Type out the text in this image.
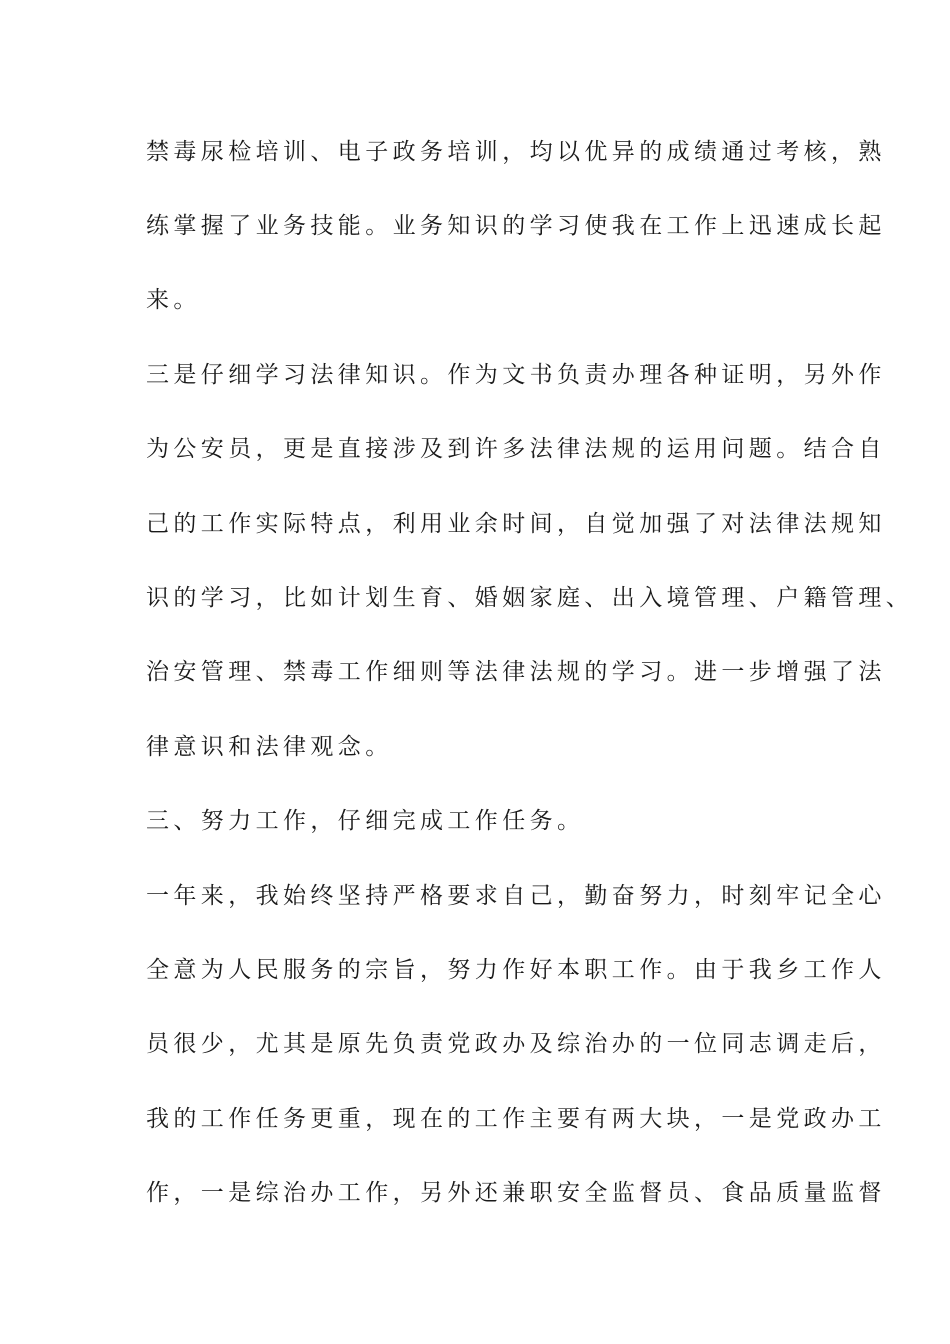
禁毒尿检培训、电子政务培训，均以优异的成绩通过考核，熟
练掌握了业务技能。业务知识的学习使我在工作上迅速成长起
来。
三是仔细学习法律知识。作为文书负责办理各种证明，另外作
为公安员，更是直接涉及到许多法律法规的运用问题。结合自
己的工作实际特点，利用业余时间，自觉加强了对法律法规知
识的学习，比如计划生育、婚姻家庭、出入境管理、户籍管理、
治安管理、禁毒工作细则等法律法规的学习。进一步增强了法
律意识和法律观念。
三、努力工作，仔细完成工作任务。
一年来，我始终坚持严格要求自己，勤奋努力，时刻牢记全心
全意为人民服务的宗旨，努力作好本职工作。由于我乡工作人
员很少，尤其是原先负责党政办及综治办的一位同志调走后，
我的工作任务更重，现在的工作主要有两大块，一是党政办工
作，一是综治办工作，另外还兼职安全监督员、食品质量监督
